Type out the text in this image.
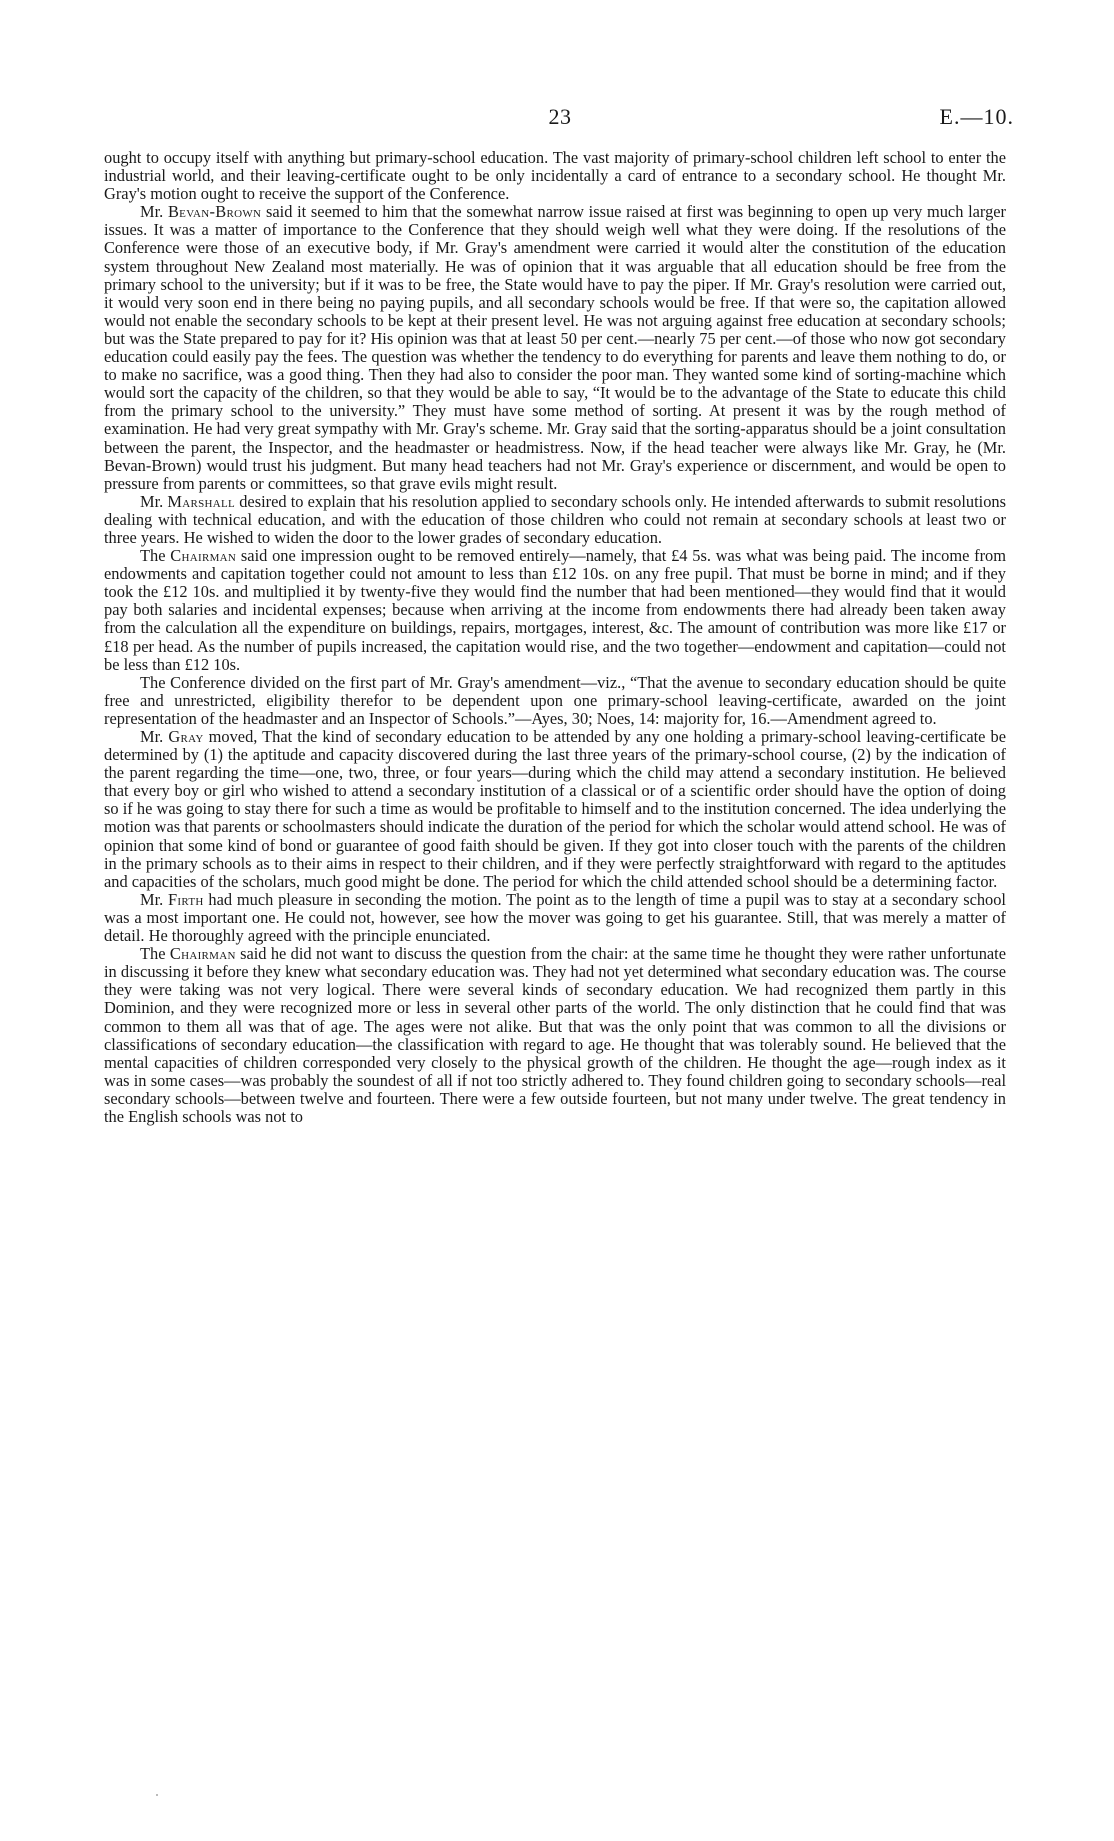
23	E.—10.

ought to occupy itself with anything but primary-school education. The vast majority of primary-school children left school to enter the industrial world, and their leaving-certificate ought to be only incidentally a card of entrance to a secondary school. He thought Mr. Gray's motion ought to receive the support of the Conference.

Mr. Bevan-Brown said it seemed to him that the somewhat narrow issue raised at first was beginning to open up very much larger issues. It was a matter of importance to the Conference that they should weigh well what they were doing. If the resolutions of the Conference were those of an executive body, if Mr. Gray's amendment were carried it would alter the constitution of the education system throughout New Zealand most materially. He was of opinion that it was arguable that all education should be free from the primary school to the university; but if it was to be free, the State would have to pay the piper. If Mr. Gray's resolution were carried out, it would very soon end in there being no paying pupils, and all secondary schools would be free. If that were so, the capitation allowed would not enable the secondary schools to be kept at their present level. He was not arguing against free education at secondary schools; but was the State prepared to pay for it? His opinion was that at least 50 per cent.—nearly 75 per cent.—of those who now got secondary education could easily pay the fees. The question was whether the tendency to do everything for parents and leave them nothing to do, or to make no sacrifice, was a good thing. Then they had also to consider the poor man. They wanted some kind of sorting-machine which would sort the capacity of the children, so that they would be able to say, “It would be to the advantage of the State to educate this child from the primary school to the university.” They must have some method of sorting. At present it was by the rough method of examination. He had very great sympathy with Mr. Gray's scheme. Mr. Gray said that the sorting-apparatus should be a joint consultation between the parent, the Inspector, and the headmaster or headmistress. Now, if the head teacher were always like Mr. Gray, he (Mr. Bevan-Brown) would trust his judgment. But many head teachers had not Mr. Gray's experience or discernment, and would be open to pressure from parents or committees, so that grave evils might result.

Mr. Marshall desired to explain that his resolution applied to secondary schools only. He intended afterwards to submit resolutions dealing with technical education, and with the education of those children who could not remain at secondary schools at least two or three years. He wished to widen the door to the lower grades of secondary education.

The Chairman said one impression ought to be removed entirely—namely, that £4 5s. was what was being paid. The income from endowments and capitation together could not amount to less than £12 10s. on any free pupil. That must be borne in mind; and if they took the £12 10s. and multiplied it by twenty-five they would find the number that had been mentioned—they would find that it would pay both salaries and incidental expenses; because when arriving at the income from endowments there had already been taken away from the calculation all the expenditure on buildings, repairs, mortgages, interest, &c. The amount of contribution was more like £17 or £18 per head. As the number of pupils increased, the capitation would rise, and the two together—endowment and capitation—could not be less than £12 10s.

The Conference divided on the first part of Mr. Gray's amendment—viz., “That the avenue to secondary education should be quite free and unrestricted, eligibility therefor to be dependent upon one primary-school leaving-certificate, awarded on the joint representation of the headmaster and an Inspector of Schools.”—Ayes, 30; Noes, 14: majority for, 16.—Amendment agreed to.

Mr. Gray moved, That the kind of secondary education to be attended by any one holding a primary-school leaving-certificate be determined by (1) the aptitude and capacity discovered during the last three years of the primary-school course, (2) by the indication of the parent regarding the time—one, two, three, or four years—during which the child may attend a secondary institution. He believed that every boy or girl who wished to attend a secondary institution of a classical or of a scientific order should have the option of doing so if he was going to stay there for such a time as would be profitable to himself and to the institution concerned. The idea underlying the motion was that parents or schoolmasters should indicate the duration of the period for which the scholar would attend school. He was of opinion that some kind of bond or guarantee of good faith should be given. If they got into closer touch with the parents of the children in the primary schools as to their aims in respect to their children, and if they were perfectly straightforward with regard to the aptitudes and capacities of the scholars, much good might be done. The period for which the child attended school should be a determining factor.

Mr. Firth had much pleasure in seconding the motion. The point as to the length of time a pupil was to stay at a secondary school was a most important one. He could not, however, see how the mover was going to get his guarantee. Still, that was merely a matter of detail. He thoroughly agreed with the principle enunciated.

The Chairman said he did not want to discuss the question from the chair: at the same time he thought they were rather unfortunate in discussing it before they knew what secondary education was. They had not yet determined what secondary education was. The course they were taking was not very logical. There were several kinds of secondary education. We had recognized them partly in this Dominion, and they were recognized more or less in several other parts of the world. The only distinction that he could find that was common to them all was that of age. The ages were not alike. But that was the only point that was common to all the divisions or classifications of secondary education—the classification with regard to age. He thought that was tolerably sound. He believed that the mental capacities of children corresponded very closely to the physical growth of the children. He thought the age—rough index as it was in some cases—was probably the soundest of all if not too strictly adhered to. They found children going to secondary schools—real secondary schools—between twelve and fourteen. There were a few outside fourteen, but not many under twelve. The great tendency in the English schools was not to
